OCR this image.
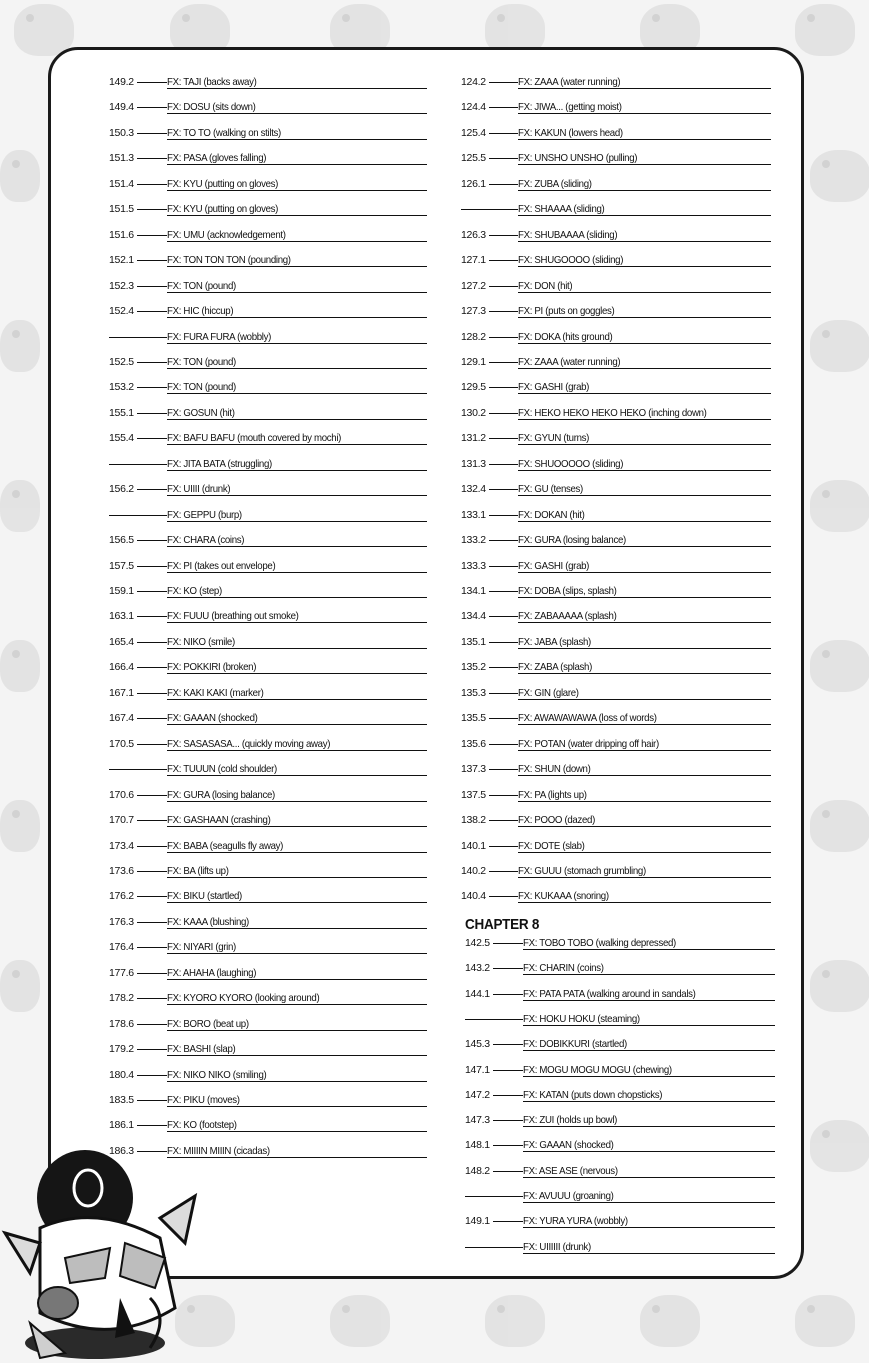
149.2	FX: TAJI (backs away)
149.4	FX: DOSU (sits down)
150.3	FX: TO TO (walking on stilts)
151.3	FX: PASA (gloves falling)
151.4	FX: KYU (putting on gloves)
151.5	FX: KYU (putting on gloves)
151.6	FX: UMU (acknowledgement)
152.1	FX: TON TON TON (pounding)
152.3	FX: TON (pound)
152.4	FX: HIC (hiccup)
FX: FURA FURA (wobbly)
152.5	FX: TON (pound)
153.2	FX: TON (pound)
155.1	FX: GOSUN (hit)
155.4	FX: BAFU BAFU (mouth covered by mochi)
FX: JITA BATA (struggling)
156.2	FX: UIIII (drunk)
FX: GEPPU (burp)
156.5	FX: CHARA (coins)
157.5	FX: PI (takes out envelope)
159.1	FX: KO (step)
163.1	FX: FUUU (breathing out smoke)
165.4	FX: NIKO (smile)
166.4	FX: POKKIRI (broken)
167.1	FX: KAKI KAKI (marker)
167.4	FX: GAAAN (shocked)
170.5	FX: SASASASA... (quickly moving away)
FX: TUUUN (cold shoulder)
170.6	FX: GURA (losing balance)
170.7	FX: GASHAAN (crashing)
173.4	FX: BABA (seagulls fly away)
173.6	FX: BA (lifts up)
176.2	FX: BIKU (startled)
176.3	FX: KAAA (blushing)
176.4	FX: NIYARI (grin)
177.6	FX: AHAHA (laughing)
178.2	FX: KYORO KYORO (looking around)
178.6	FX: BORO (beat up)
179.2	FX: BASHI (slap)
180.4	FX: NIKO NIKO (smiling)
183.5	FX: PIKU (moves)
186.1	FX: KO (footstep)
186.3	FX: MIIIIN MIIIN (cicadas)
124.2	FX: ZAAA (water running)
124.4	FX: JIWA... (getting moist)
125.4	FX: KAKUN (lowers head)
125.5	FX: UNSHO UNSHO (pulling)
126.1	FX: ZUBA (sliding)
FX: SHAAAA (sliding)
126.3	FX: SHUBAAAA (sliding)
127.1	FX: SHUGOOOO (sliding)
127.2	FX: DON (hit)
127.3	FX: PI (puts on goggles)
128.2	FX: DOKA (hits ground)
129.1	FX: ZAAA (water running)
129.5	FX: GASHI (grab)
130.2	FX: HEKO HEKO HEKO HEKO (inching down)
131.2	FX: GYUN (turns)
131.3	FX: SHUOOOOO (sliding)
132.4	FX: GU (tenses)
133.1	FX: DOKAN (hit)
133.2	FX: GURA (losing balance)
133.3	FX: GASHI (grab)
134.1	FX: DOBA (slips, splash)
134.4	FX: ZABAAAAA (splash)
135.1	FX: JABA (splash)
135.2	FX: ZABA (splash)
135.3	FX: GIN (glare)
135.5	FX: AWAWAWAWA (loss of words)
135.6	FX: POTAN (water dripping off hair)
137.3	FX: SHUN (down)
137.5	FX: PA (lights up)
138.2	FX: POOO (dazed)
140.1	FX: DOTE (slab)
140.2	FX: GUUU (stomach grumbling)
140.4	FX: KUKAAA (snoring)
CHAPTER 8
142.5	FX: TOBO TOBO (walking depressed)
143.2	FX: CHARIN (coins)
144.1	FX: PATA PATA (walking around in sandals)
FX: HOKU HOKU (steaming)
145.3	FX: DOBIKKURI (startled)
147.1	FX: MOGU MOGU MOGU (chewing)
147.2	FX: KATAN (puts down chopsticks)
147.3	FX: ZUI (holds up bowl)
148.1	FX: GAAAN (shocked)
148.2	FX: ASE ASE (nervous)
FX: AVUUU (groaning)
149.1	FX: YURA YURA (wobbly)
FX: UIIIIII (drunk)
